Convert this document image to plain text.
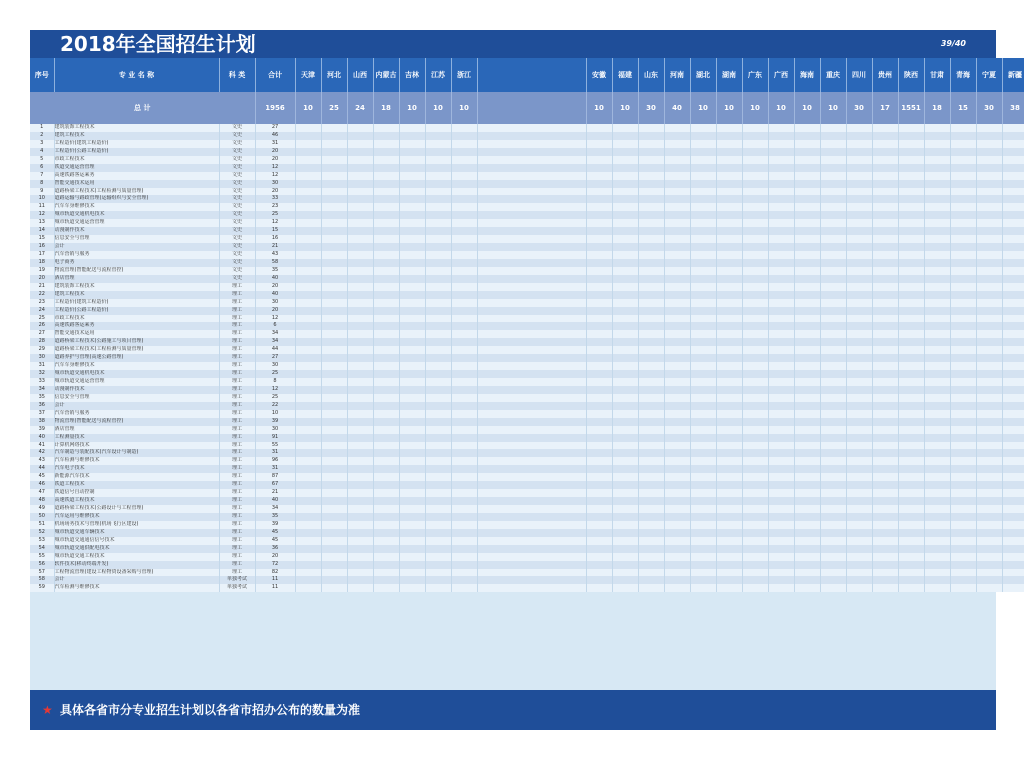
2018年全国招生计划	39/40
序号	专 业 名 称	科 类	合计	天津	河北	山西	内蒙古	吉林	江苏	浙江		安徽	福建	山东	河南	湖北	湖南	广东	广西	海南	重庆	四川	贵州	陕西	甘肃	青海	宁夏	新疆
总 计			1956	10	25	24	18	10	10	10		10	10	30	40	10	10	10	10	10	10	30	17	1551	18	15	30	38
1	建筑装饰工程技术	文史	27																									
2	建筑工程技术	文史	46																									
3	工程造价(建筑工程造价)	文史	31																									
4	工程造价(公路工程造价)	文史	20																									
5	市政工程技术	文史	20																									
6	铁道交通运营管理	文史	12																									
7	高速铁路客运乘务	文史	12																									
8	智能交通技术运用	文史	30																									
9	道路桥梁工程技术(工程检测与质量管理)	文史	20																									
10	道路运输与路政管理(运输组织与安全管理)	文史	33																									
11	汽车车身维修技术	文史	23																									
12	城市轨道交通机电技术	文史	25																									
13	城市轨道交通运营管理	文史	12																									
14	动漫制作技术	文史	15																									
15	信息安全与管理	文史	16																									
16	会计	文史	21																									
17	汽车营销与服务	文史	43																									
18	电子商务	文史	58																									
19	物流管理(智能配送与流程管控)	文史	35																									
20	酒店管理	文史	40																									
21	建筑装饰工程技术	理工	20																									
22	建筑工程技术	理工	40																									
23	工程造价(建筑工程造价)	理工	30																									
24	工程造价(公路工程造价)	理工	20																									
25	市政工程技术	理工	12																									
26	高速铁路客运乘务	理工	6																									
27	智能交通技术运用	理工	34																									
28	道路桥梁工程技术(公路施工与项目管理)	理工	34																									
29	道路桥梁工程技术(工程检测与质量管理)	理工	44																									
30	道路养护与管理(高速公路管理)	理工	27																									
31	汽车车身维修技术	理工	30																									
32	城市轨道交通机电技术	理工	25																									
33	城市轨道交通运营管理	理工	8																									
34	动漫制作技术	理工	12																									
35	信息安全与管理	理工	25																									
36	会计	理工	22																									
37	汽车营销与服务	理工	10																									
38	物流管理(智能配送与流程管控)	理工	39																									
39	酒店管理	理工	30																									
40	工程测量技术	理工	91																									
41	计算机网络技术	理工	55																									
42	汽车制造与装配技术(汽车设计与制造)	理工	31																									
43	汽车检测与维修技术	理工	96																									
44	汽车电子技术	理工	31																									
45	新能源汽车技术	理工	87																									
46	铁道工程技术	理工	67																									
47	铁道信号自动控制	理工	21																									
48	高速铁道工程技术	理工	40																									
49	道路桥梁工程技术(公路设计与工程管理)	理工	34																									
50	汽车运用与维修技术	理工	35																									
51	机场场务技术与管理(机场飞行区建设)	理工	39																									
52	城市轨道交通车辆技术	理工	45																									
53	城市轨道交通通信信号技术	理工	45																									
54	城市轨道交通供配电技术	理工	36																									
55	城市轨道交通工程技术	理工	20																									
56	软件技术(移动终端开发)	理工	72																									
57	工程物流管理(建设工程物资设备采购与管理)	理工	82																									
58	会计	单独考试	11																									
59	汽车检测与维修技术	单独考试	11																									
★ 具体各省市分专业招生计划以各省市招办公布的数量为准
